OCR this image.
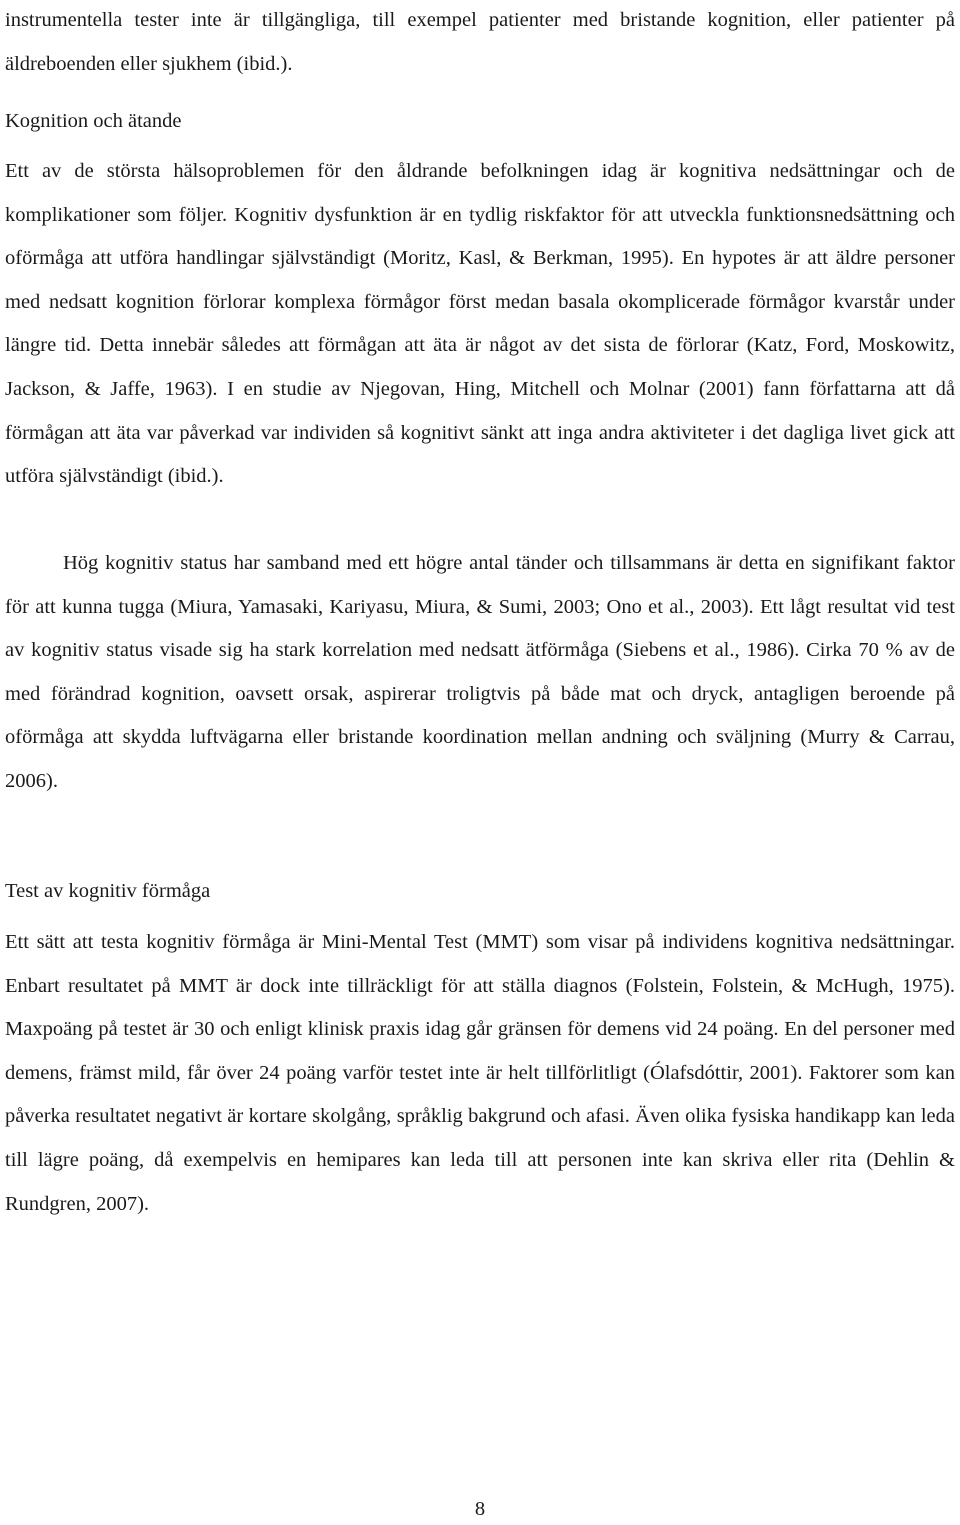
instrumentella tester inte är tillgängliga, till exempel patienter med bristande kognition, eller patienter på äldreboenden eller sjukhem (ibid.).

Kognition och ätande

Ett av de största hälsoproblemen för den åldrande befolkningen idag är kognitiva nedsättningar och de komplikationer som följer. Kognitiv dysfunktion är en tydlig riskfaktor för att utveckla funktionsnedsättning och oförmåga att utföra handlingar självständigt (Moritz, Kasl, & Berkman, 1995). En hypotes är att äldre personer med nedsatt kognition förlorar komplexa förmågor först medan basala okomplicerade förmågor kvarstår under längre tid. Detta innebär således att förmågan att äta är något av det sista de förlorar (Katz, Ford, Moskowitz, Jackson, & Jaffe, 1963). I en studie av Njegovan, Hing, Mitchell och Molnar (2001) fann författarna att då förmågan att äta var påverkad var individen så kognitivt sänkt att inga andra aktiviteter i det dagliga livet gick att utföra självständigt (ibid.).

Hög kognitiv status har samband med ett högre antal tänder och tillsammans är detta en signifikant faktor för att kunna tugga (Miura, Yamasaki, Kariyasu, Miura, & Sumi, 2003; Ono et al., 2003). Ett lågt resultat vid test av kognitiv status visade sig ha stark korrelation med nedsatt ätförmåga (Siebens et al., 1986). Cirka 70 % av de med förändrad kognition, oavsett orsak, aspirerar troligtvis på både mat och dryck, antagligen beroende på oförmåga att skydda luftvägarna eller bristande koordination mellan andning och sväljning (Murry & Carrau, 2006).

Test av kognitiv förmåga

Ett sätt att testa kognitiv förmåga är Mini-Mental Test (MMT) som visar på individens kognitiva nedsättningar. Enbart resultatet på MMT är dock inte tillräckligt för att ställa diagnos (Folstein, Folstein, & McHugh, 1975). Maxpoäng på testet är 30 och enligt klinisk praxis idag går gränsen för demens vid 24 poäng. En del personer med demens, främst mild, får över 24 poäng varför testet inte är helt tillförlitligt (Ólafsdóttir, 2001). Faktorer som kan påverka resultatet negativt är kortare skolgång, språklig bakgrund och afasi. Även olika fysiska handikapp kan leda till lägre poäng, då exempelvis en hemipares kan leda till att personen inte kan skriva eller rita (Dehlin & Rundgren, 2007).

8
